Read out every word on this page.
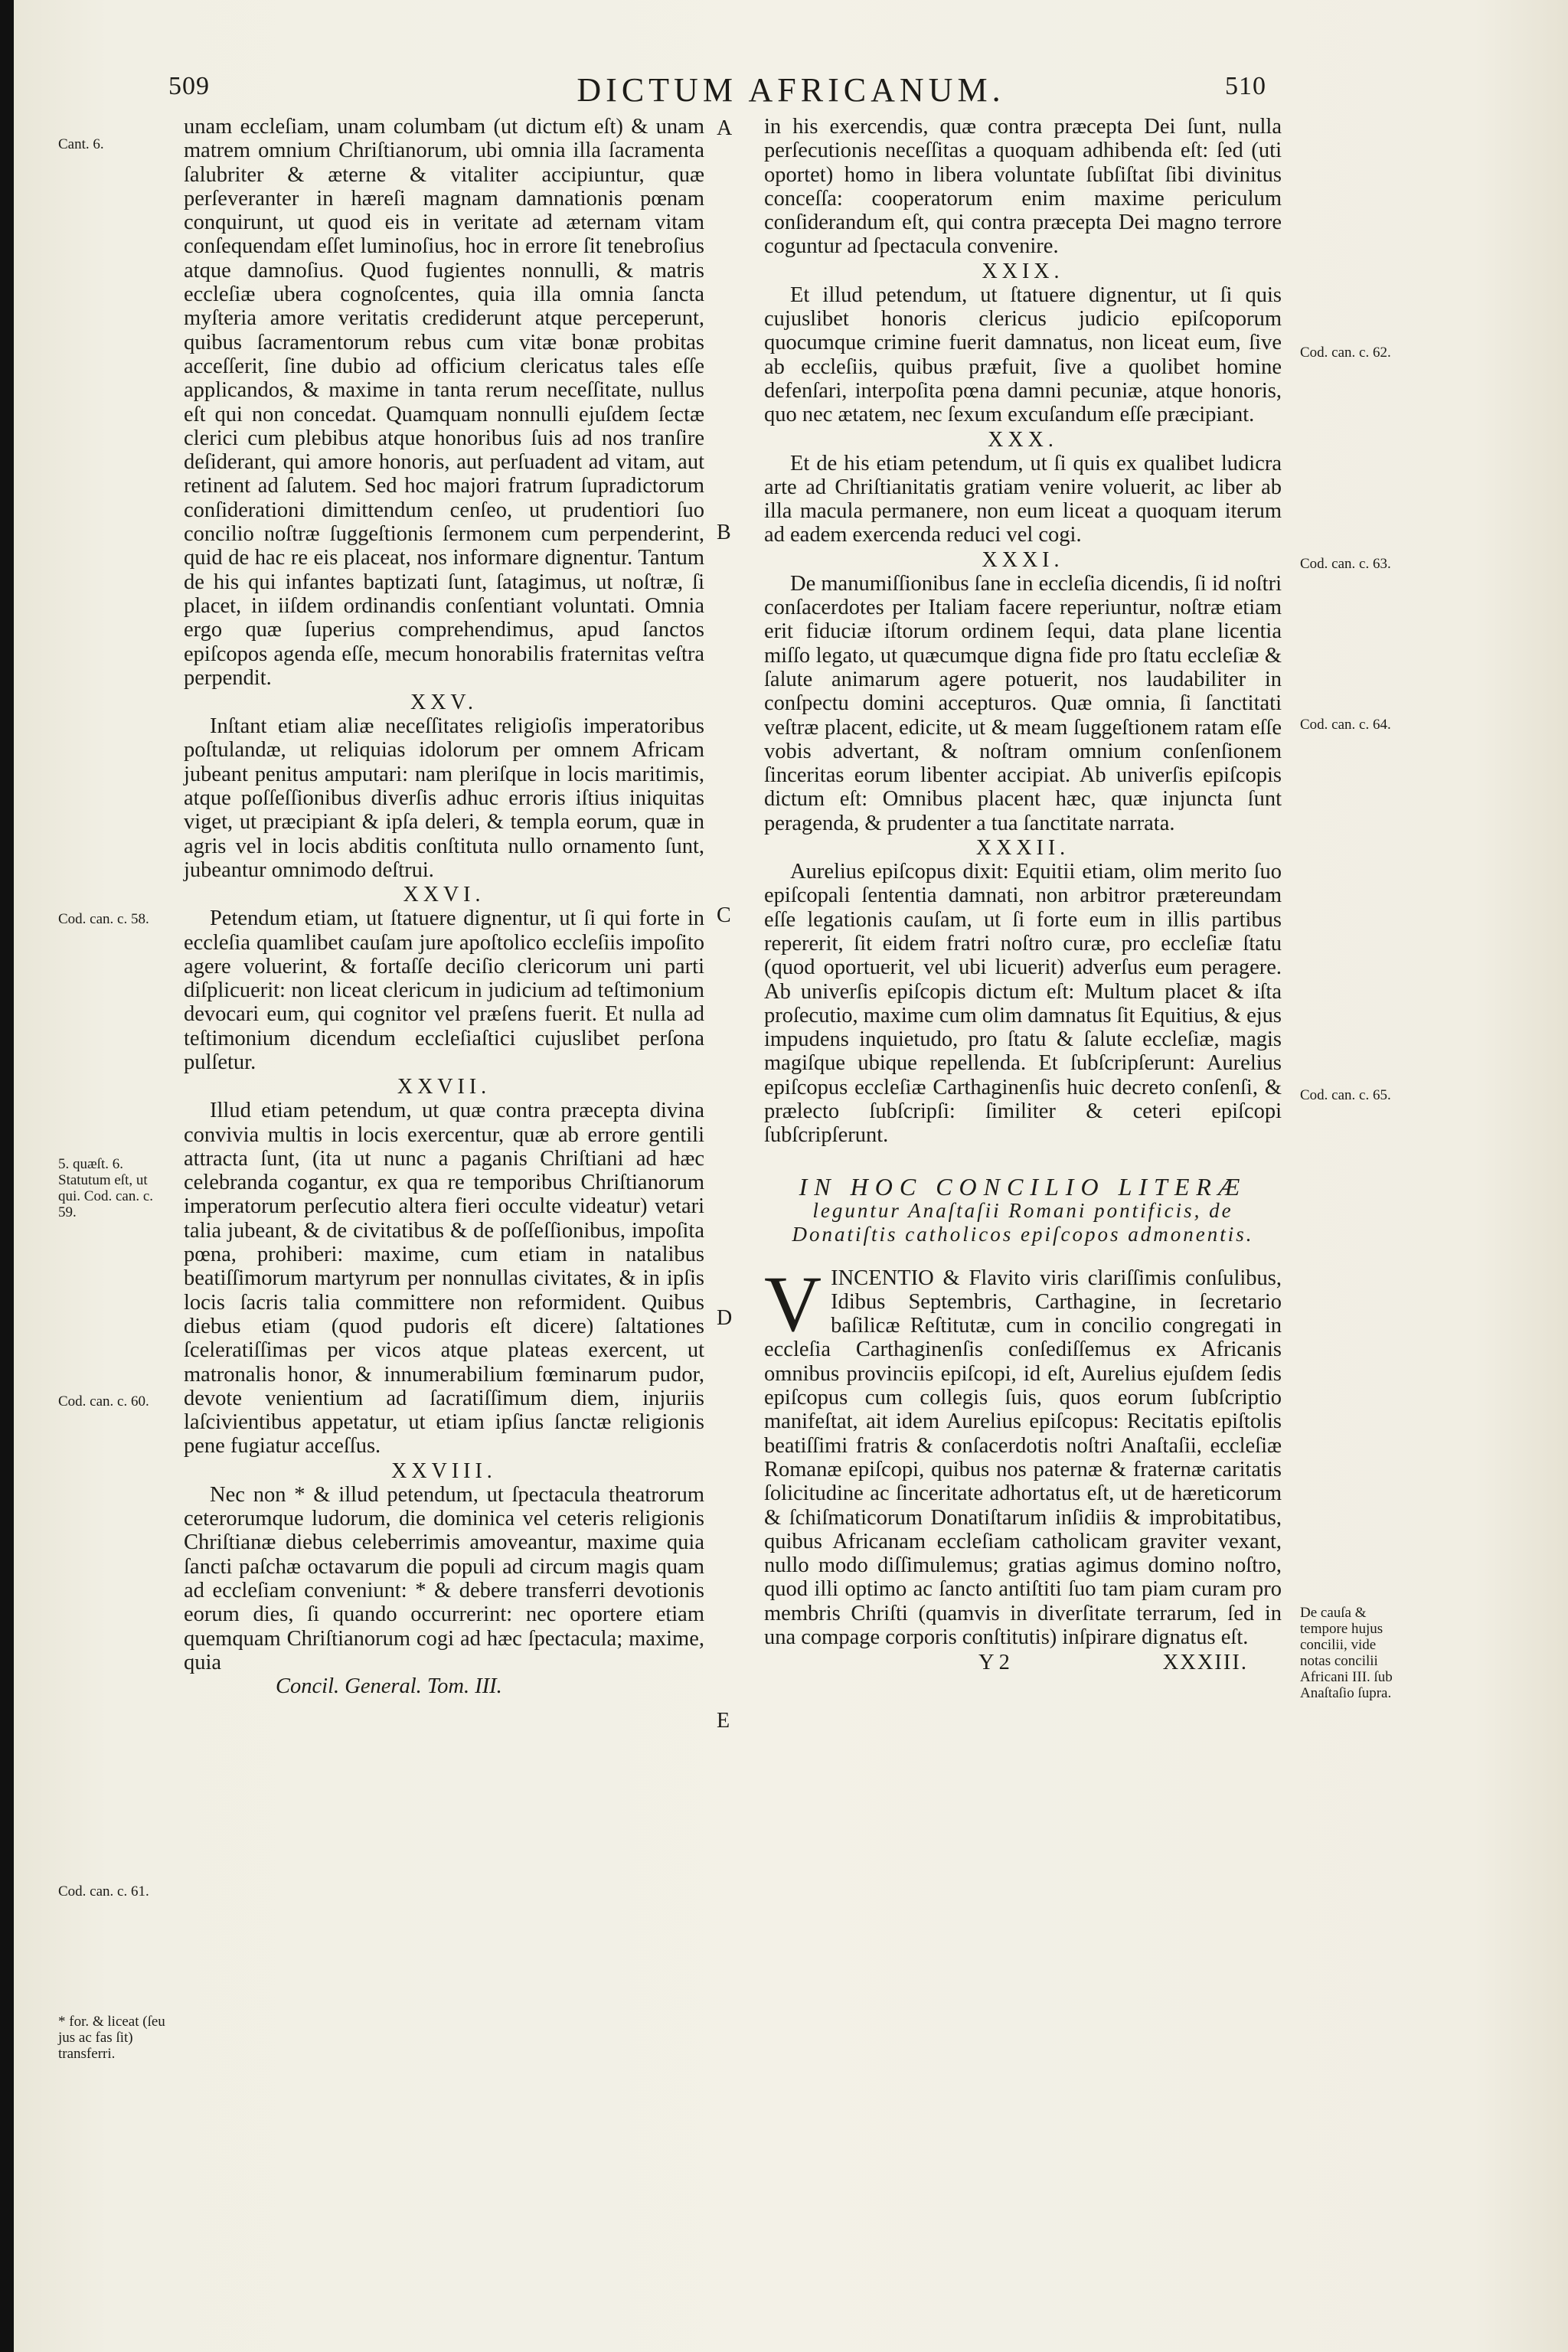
509	DICTUM AFRICANUM.	510

unam eccleſiam, unam columbam (ut dictum eſt) & unam matrem omnium Chriſtianorum, ubi omnia illa ſacramenta ſalubriter & æterne & vitaliter accipiuntur, quæ perſeveranter in hæreſi magnam damnationis pœnam conquirunt, ut quod eis in veritate ad æternam vitam conſequendam eſſet luminoſius, hoc in errore ſit tenebroſius atque damnoſius. Quod fugientes nonnulli, & matris eccleſiæ ubera cognoſcentes, quia illa omnia ſancta myſteria amore veritatis crediderunt atque perceperunt, quibus ſacramentorum rebus cum vitæ bonæ probitas acceſſerit, ſine dubio ad officium clericatus tales eſſe applicandos, & maxime in tanta rerum neceſſitate, nullus eſt qui non concedat. Quamquam nonnulli ejuſdem ſectæ clerici cum plebibus atque honoribus ſuis ad nos tranſire deſiderant, qui amore honoris, aut perſuadent ad vitam, aut retinent ad ſalutem. Sed hoc majori fratrum ſupradictorum conſiderationi dimittendum cenſeo, ut prudentiori ſuo concilio noſtræ ſuggeſtionis ſermonem cum perpenderint, quid de hac re eis placeat, nos informare dignentur. Tantum de his qui infantes baptizati ſunt, ſatagimus, ut noſtræ, ſi placet, in iiſdem ordinandis conſentiant voluntati. Omnia ergo quæ ſuperius comprehendimus, apud ſanctos epiſcopos agenda eſſe, mecum honorabilis fraternitas veſtra perpendit.

XXV.

Inſtant etiam aliæ neceſſitates religioſis imperatoribus poſtulandæ, ut reliquias idolorum per omnem Africam jubeant penitus amputari: nam pleriſque in locis maritimis, atque poſſeſſionibus diverſis adhuc erroris iſtius iniquitas viget, ut præcipiant & ipſa deleri, & templa eorum, quæ in agris vel in locis abditis conſtituta nullo ornamento ſunt, jubeantur omnimodo deſtrui.

XXVI.

Petendum etiam, ut ſtatuere dignentur, ut ſi qui forte in eccleſia quamlibet cauſam jure apoſtolico eccleſiis impoſito agere voluerint, & fortaſſe deciſio clericorum uni parti diſplicuerit: non liceat clericum in judicium ad teſtimonium devocari eum, qui cognitor vel præſens fuerit. Et nulla ad teſtimonium dicendum eccleſiaſtici cujuslibet perſona pulſetur.

XXVII.

Illud etiam petendum, ut quæ contra præcepta divina convivia multis in locis exercentur, quæ ab errore gentili attracta ſunt, (ita ut nunc a paganis Chriſtiani ad hæc celebranda cogantur, ex qua re temporibus Chriſtianorum imperatorum perſecutio altera fieri occulte videatur) vetari talia jubeant, & de civitatibus & de poſſeſſionibus, impoſita pœna, prohiberi: maxime, cum etiam in natalibus beatiſſimorum martyrum per nonnullas civitates, & in ipſis locis ſacris talia committere non reformident. Quibus diebus etiam (quod pudoris eſt dicere) ſaltationes ſceleratiſſimas per vicos atque plateas exercent, ut matronalis honor, & innumerabilium fœminarum pudor, devote venientium ad ſacratiſſimum diem, injuriis laſcivientibus appetatur, ut etiam ipſius ſanctæ religionis pene fugiatur acceſſus.

XXVIII.

Nec non * & illud petendum, ut ſpectacula theatrorum ceterorumque ludorum, die dominica vel ceteris religionis Chriſtianæ diebus celeberrimis amoveantur, maxime quia ſancti paſchæ octavarum die populi ad circum magis quam ad eccleſiam conveniunt: * & debere transferri devotionis eorum dies, ſi quando occurrerint: nec oportere etiam quemquam Chriſtianorum cogi ad hæc ſpectacula; maxime, quia

Concil. General. Tom. III.

in his exercendis, quæ contra præcepta Dei ſunt, nulla perſecutionis neceſſitas a quoquam adhibenda eſt: ſed (uti oportet) homo in libera voluntate ſubſiſtat ſibi divinitus conceſſa: cooperatorum enim maxime periculum conſiderandum eſt, qui contra præcepta Dei magno terrore coguntur ad ſpectacula convenire.

XXIX.

Et illud petendum, ut ſtatuere dignentur, ut ſi quis cujuslibet honoris clericus judicio epiſcoporum quocumque crimine fuerit damnatus, non liceat eum, ſive ab eccleſiis, quibus præfuit, ſive a quolibet homine defenſari, interpoſita pœna damni pecuniæ, atque honoris, quo nec ætatem, nec ſexum excuſandum eſſe præcipiant.

XXX.

Et de his etiam petendum, ut ſi quis ex qualibet ludicra arte ad Chriſtianitatis gratiam venire voluerit, ac liber ab illa macula permanere, non eum liceat a quoquam iterum ad eadem exercenda reduci vel cogi.

XXXI.

De manumiſſionibus ſane in eccleſia dicendis, ſi id noſtri conſacerdotes per Italiam facere reperiuntur, noſtræ etiam erit fiduciæ iſtorum ordinem ſequi, data plane licentia miſſo legato, ut quæcumque digna fide pro ſtatu eccleſiæ & ſalute animarum agere potuerit, nos laudabiliter in conſpectu domini accepturos. Quæ omnia, ſi ſanctitati veſtræ placent, edicite, ut & meam ſuggeſtionem ratam eſſe vobis advertant, & noſtram omnium conſenſionem ſinceritas eorum libenter accipiat. Ab univerſis epiſcopis dictum eſt: Omnibus placent hæc, quæ injuncta ſunt peragenda, & prudenter a tua ſanctitate narrata.

XXXII.

Aurelius epiſcopus dixit: Equitii etiam, olim merito ſuo epiſcopali ſententia damnati, non arbitror prætereundam eſſe legationis cauſam, ut ſi forte eum in illis partibus repererit, ſit eidem fratri noſtro curæ, pro eccleſiæ ſtatu (quod oportuerit, vel ubi licuerit) adverſus eum peragere. Ab univerſis epiſcopis dictum eſt: Multum placet & iſta proſecutio, maxime cum olim damnatus ſit Equitius, & ejus impudens inquietudo, pro ſtatu & ſalute eccleſiæ, magis magiſque ubique repellenda. Et ſubſcripſerunt: Aurelius epiſcopus eccleſiæ Carthaginenſis huic decreto conſenſi, & prælecto ſubſcripſi: ſimiliter & ceteri epiſcopi ſubſcripſerunt.

IN HOC CONCILIO LITERÆ
leguntur Anaſtaſii Romani pontificis, de Donatiſtis catholicos epiſcopos admonentis.
V INCENTIO & Flavito viris clariſſimis conſulibus, Idibus Septembris, Carthagine, in ſecretario baſilicæ Reſtitutæ, cum in concilio congregati in eccleſia Carthaginenſis conſediſſemus ex Africanis omnibus provinciis epiſcopi, id eſt, Aurelius ejuſdem ſedis epiſcopus cum collegis ſuis, quos eorum ſubſcriptio manifeſtat, ait idem Aurelius epiſcopus: Recitatis epiſtolis beatiſſimi fratris & conſacerdotis noſtri Anaſtaſii, eccleſiæ Romanæ epiſcopi, quibus nos paternæ & fraternæ caritatis ſolicitudine ac ſinceritate adhortatus eſt, ut de hæreticorum & ſchiſmaticorum Donatiſtarum inſidiis & improbitatibus, quibus Africanam eccleſiam catholicam graviter vexant, nullo modo diſſimulemus; gratias agimus domino noſtro, quod illi optimo ac ſancto antiſtiti ſuo tam piam curam pro membris Chriſti (quamvis in diverſitate terrarum, ſed in una compage corporis conſtitutis) inſpirare dignatus eſt.

Y 2	XXXIII.
Cant. 6.
Cod. can. c. 58.
5. quæſt. 6. Statutum eſt, ut qui. Cod. can. c. 59.
Cod. can. c. 60.
Cod. can. c. 61.
* for. & liceat (ſeu jus ac fas ſit) transferri.
Cod. can. c. 62.
Cod. can. c. 63.
Cod. can. c. 64.
Cod. can. c. 65.
De cauſa & tempore hujus concilii, vide notas concilii Africani III. ſub Anaſtaſio ſupra.
A
B
C
D
E
